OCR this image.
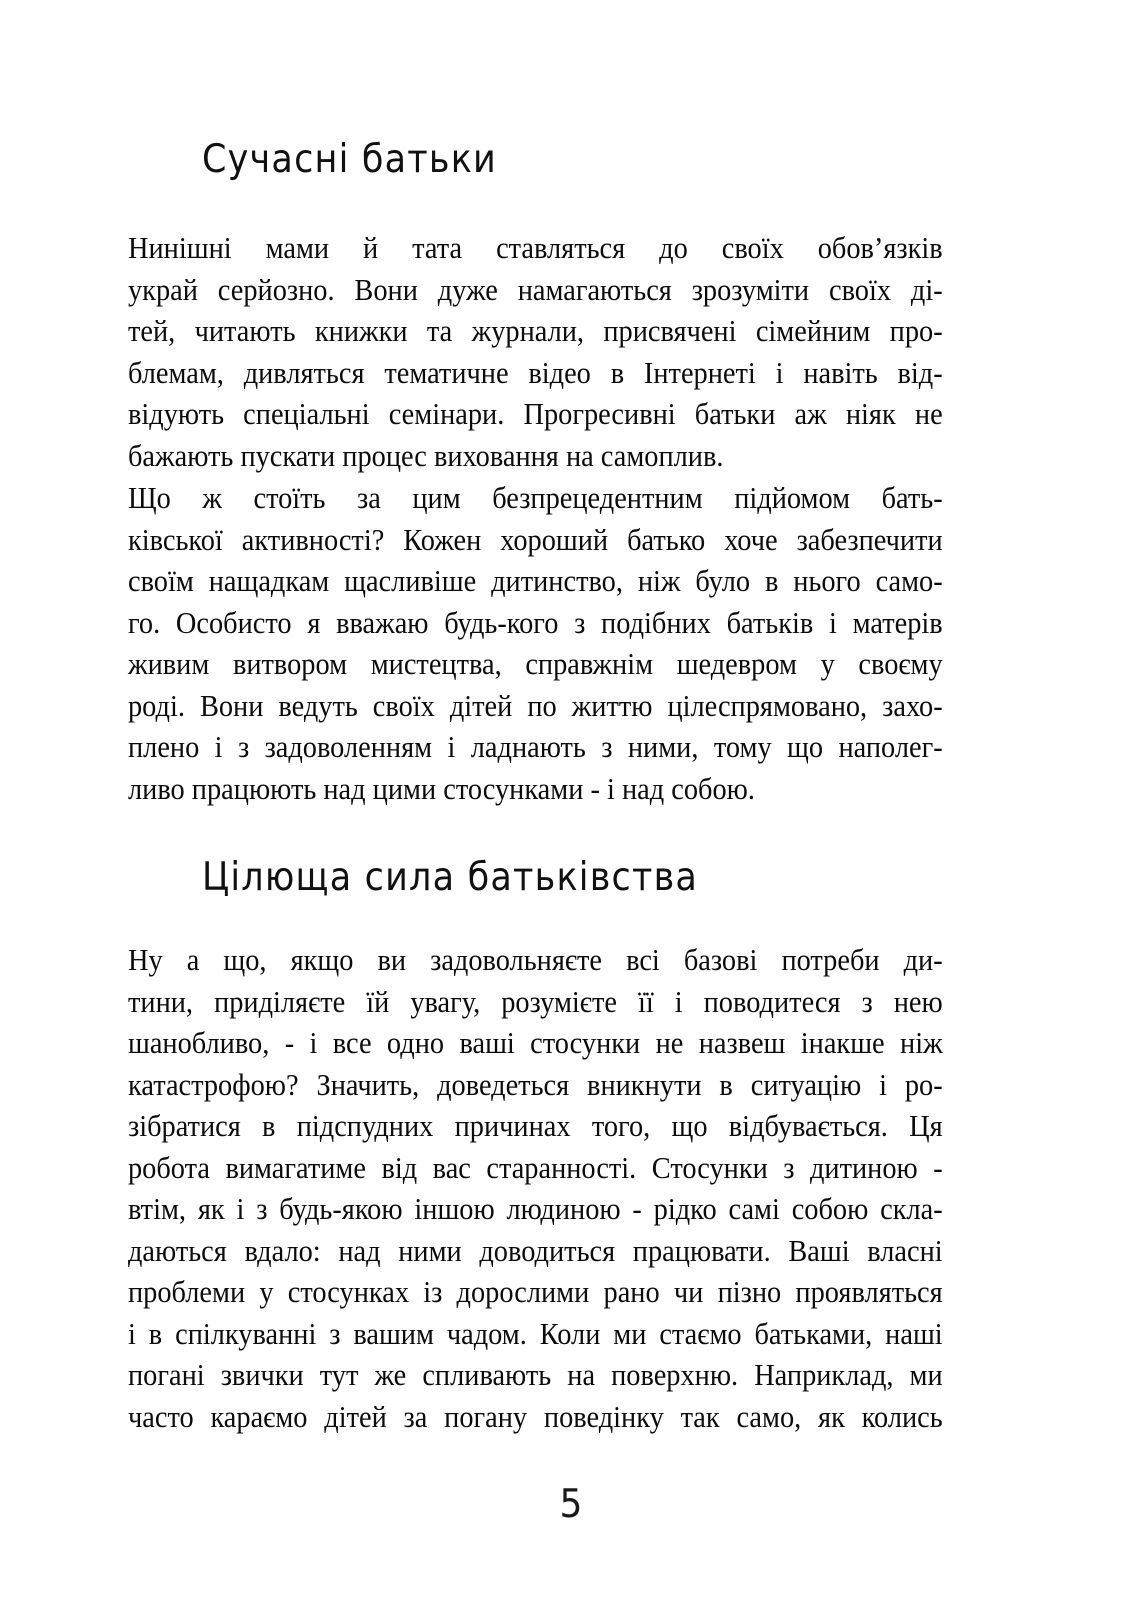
Сучасні батьки
Нинішні мами й тата ставляться до своїх обов’язків
украй серйозно. Вони дуже намагаються зрозуміти своїх ді-
тей, читають книжки та журнали, присвячені сімейним про-
блемам, дивляться тематичне відео в Інтернеті і навіть від-
відують спеціальні семінари. Прогресивні батьки аж ніяк не
бажають пускати процес виховання на самоплив.
Що ж стоїть за цим безпрецедентним підйомом бать-
ківської активності? Кожен хороший батько хоче забезпечити
своїм нащадкам щасливіше дитинство, ніж було в нього само-
го. Особисто я вважаю будь-кого з подібних батьків і матерів
живим витвором мистецтва, справжнім шедевром у своєму
роді. Вони ведуть своїх дітей по життю цілеспрямовано, захо-
плено і з задоволенням і ладнають з ними, тому що наполег-
ливо працюють над цими стосунками - і над собою.
Цілюща сила батьківства
Ну а що, якщо ви задовольняєте всі базові потреби ди-
тини, приділяєте їй увагу, розумієте її і поводитеся з нею
шанобливо, - і все одно ваші стосунки не назвеш інакше ніж
катастрофою? Значить, доведеться вникнути в ситуацію і ро-
зібратися в підспудних причинах того, що відбувається. Ця
робота вимагатиме від вас старанності. Стосунки з дитиною -
втім, як і з будь-якою іншою людиною - рідко самі собою скла-
даються вдало: над ними доводиться працювати. Ваші власні
проблеми у стосунках із дорослими рано чи пізно проявляться
і в спілкуванні з вашим чадом. Коли ми стаємо батьками, наші
погані звички тут же спливають на поверхню. Наприклад, ми
часто караємо дітей за погану поведінку так само, як колись
5
